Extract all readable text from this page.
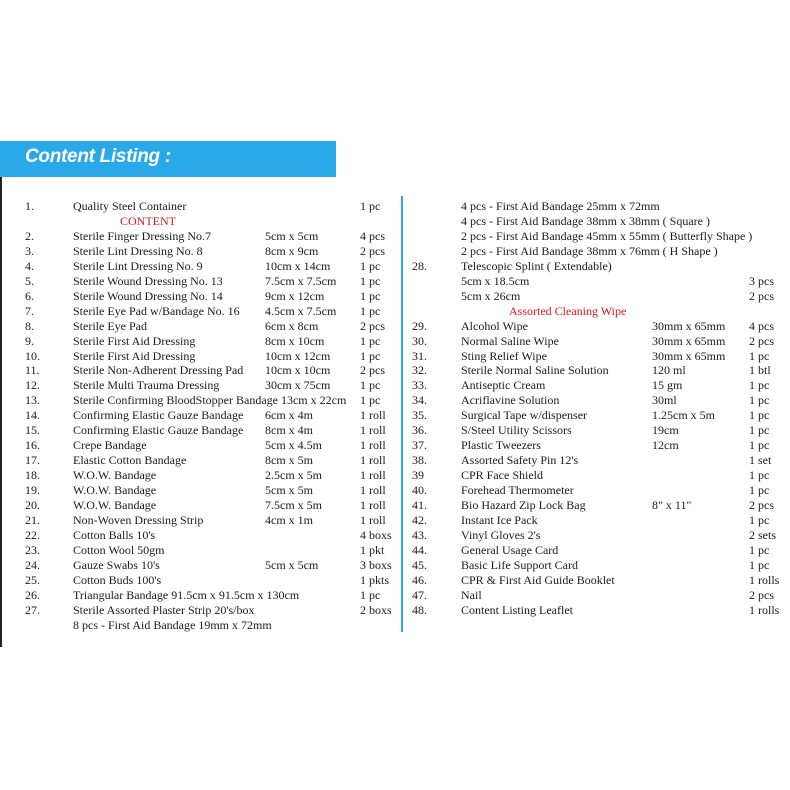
Content Listing :
1.	Quality Steel Container	1 pc
CONTENT
2.	Sterile Finger Dressing No.7	5cm x 5cm	4 pcs
3.	Sterile Lint Dressing No. 8	8cm x 9cm	2 pcs
4.	Sterile Lint Dressing No. 9	10cm x 14cm 1 pc
5.	Sterile Wound Dressing No. 13	7.5cm x 7.5cm 1 pc
6.	Sterile Wound Dressing No. 14	9cm x 12cm	1 pc
7.	Sterile Eye Pad w/Bandage No. 16 4.5cm x 7.5cm 1 pc
8.	Sterile Eye Pad	6cm x 8cm	2 pcs
9.	Sterile First Aid Dressing	8cm x 10cm	1 pc
10.	Sterile First Aid Dressing	10cm x 12cm 1 pc
11.	Sterile Non-Adherent Dressing Pad 10cm x 10cm 2 pcs
12.	Sterile Multi Trauma Dressing	30cm x 75cm 1 pc
13.	Sterile Confirming BloodStopper Bandage 13cm x 22cm 1 pc
14.	Confirming Elastic Gauze Bandage 6cm x 4m	1 roll
15.	Confirming Elastic Gauze Bandage 8cm x 4m	1 roll
16.	Crepe Bandage	5cm x 4.5m	1 roll
17.	Elastic Cotton Bandage	8cm x 5m	1 roll
18.	W.O.W. Bandage	2.5cm x 5m	1 roll
19.	W.O.W. Bandage	5cm x 5m	1 roll
20.	W.O.W. Bandage	7.5cm x 5m	1 roll
21.	Non-Woven Dressing Strip	4cm x 1m	1 roll
22.	Cotton Balls 10's	4 boxs
23.	Cotton Wool 50gm	1 pkt
24.	Gauze Swabs 10's	5cm x 5cm	3 boxs
25.	Cotton Buds 100's	1 pkts
26.	Triangular Bandage 91.5cm x 91.5cm x 130cm	1 pc
27.	Sterile Assorted Plaster Strip 20's/box	2 boxs
8 pcs - First Aid Bandage 19mm x 72mm
4 pcs - First Aid Bandage 25mm x 72mm
4 pcs - First Aid Bandage 38mm x 38mm ( Square )
2 pcs - First Aid Bandage 45mm x 55mm ( Butterfly Shape )
2 pcs - First Aid Bandage 38mm x 76mm ( H Shape )
28.	Telescopic Splint ( Extendable)
5cm x 18.5cm	3 pcs
5cm x 26cm	2 pcs
Assorted Cleaning Wipe
29.	Alcohol Wipe	30mm x 65mm 4 pcs
30.	Normal Saline Wipe	30mm x 65mm 2 pcs
31.	Sting Relief Wipe	30mm x 65mm 1 pc
32.	Sterile Normal Saline Solution	120 ml	1 btl
33.	Antiseptic Cream	15 gm	1 pc
34.	Acriflavine Solution	30ml	1 pc
35.	Surgical Tape w/dispenser	1.25cm x 5m	1 pc
36.	S/Steel Utility Scissors	19cm	1 pc
37.	Plastic Tweezers	12cm	1 pc
38.	Assorted Safety Pin 12's	1 set
39	CPR Face Shield	1 pc
40.	Forehead Thermometer	1 pc
41.	Bio Hazard Zip Lock Bag	8" x 11"	2 pcs
42.	Instant Ice Pack	1 pc
43.	Vinyl Gloves 2's	2 sets
44.	General Usage Card	1 pc
45.	Basic Life Support Card	1 pc
46.	CPR & First Aid Guide Booklet	1 rolls
47.	Nail	2 pcs
48.	Content Listing Leaflet	1 rolls
